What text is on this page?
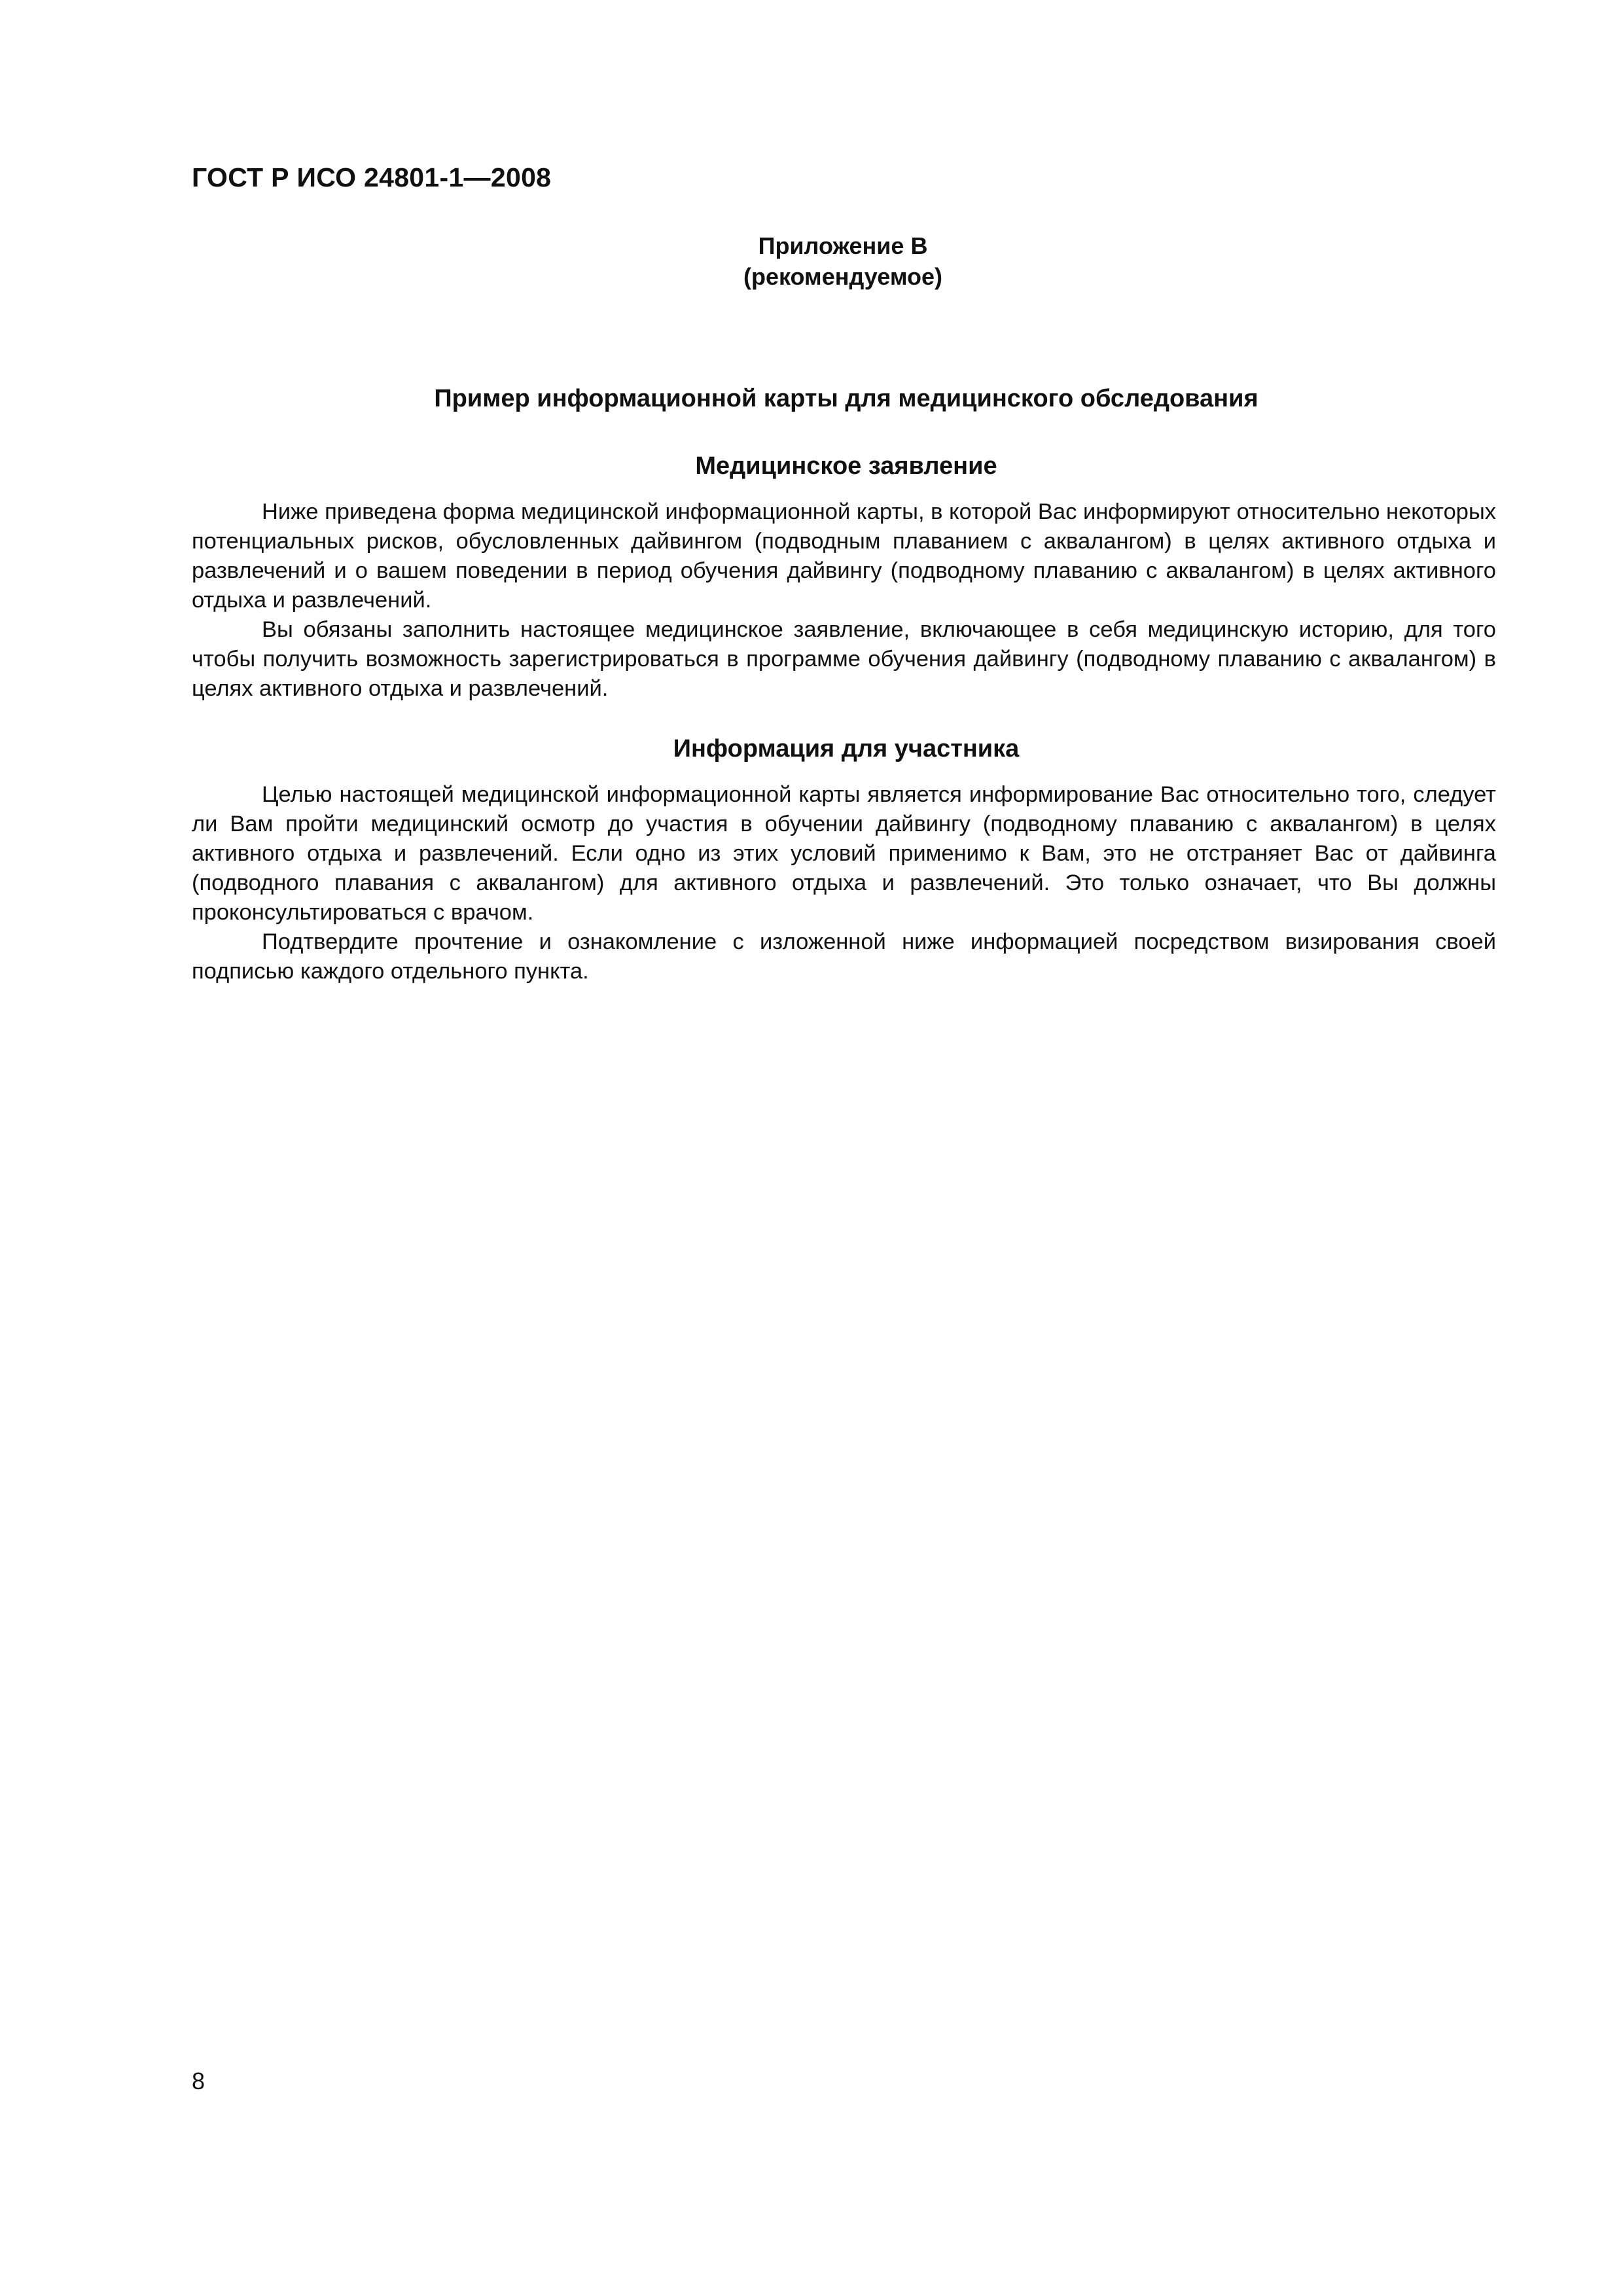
ГОСТ Р ИСО 24801-1—2008
Приложение В
(рекомендуемое)
Пример информационной карты для медицинского обследования
Медицинское заявление

Ниже приведена форма медицинской информационной карты, в которой Вас информируют относительно некоторых потенциальных рисков, обусловленных дайвингом (подводным плаванием с аквалангом) в целях активного отдыха и развлечений и о вашем поведении в период обучения дайвингу (подводному плаванию с аквалангом) в целях активного отдыха и развлечений.

Вы обязаны заполнить настоящее медицинское заявление, включающее в себя медицинскую историю, для того чтобы получить возможность зарегистрироваться в программе обучения дайвингу (подводному плаванию с аквалангом) в целях активного отдыха и развлечений.

Информация для участника

Целью настоящей медицинской информационной карты является информирование Вас относительно того, следует ли Вам пройти медицинский осмотр до участия в обучении дайвингу (подводному плаванию с аквалангом) в целях активного отдыха и развлечений. Если одно из этих условий применимо к Вам, это не отстраняет Вас от дайвинга (подводного плавания с аквалангом) для активного отдыха и развлечений. Это только означает, что Вы должны проконсультироваться с врачом.

Подтвердите прочтение и ознакомление с изложенной ниже информацией посредством визирования своей подписью каждого отдельного пункта.

8
